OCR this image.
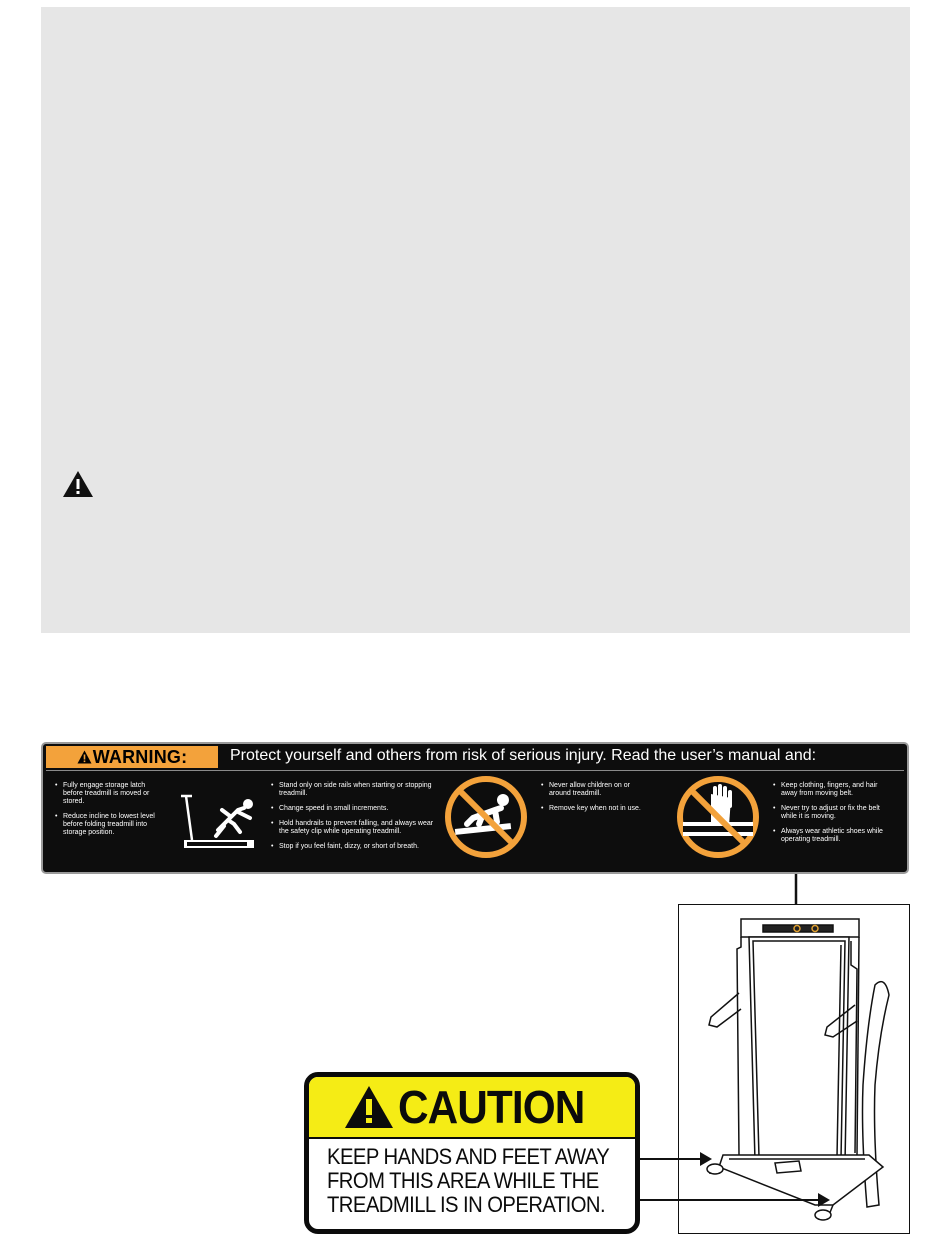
WARNING:	Protect yourself and others from risk of serious injury. Read the user’s manual and:
• Fully engage storage latch before treadmill is moved or stored.
• Reduce incline to lowest level before folding treadmill into storage position.
• Stand only on side rails when starting or stopping treadmill.
• Change speed in small increments.
• Hold handrails to prevent falling, and always wear the safety clip while operating treadmill.
• Stop if you feel faint, dizzy, or short of breath.
• Never allow children on or around treadmill.
• Remove key when not in use.
• Keep clothing, fingers, and hair away from moving belt.
• Never try to adjust or fix the belt while it is moving.
• Always wear athletic shoes while operating treadmill.
CAUTION
KEEP HANDS AND FEET AWAY
FROM THIS AREA WHILE THE
TREADMILL IS IN OPERATION.
